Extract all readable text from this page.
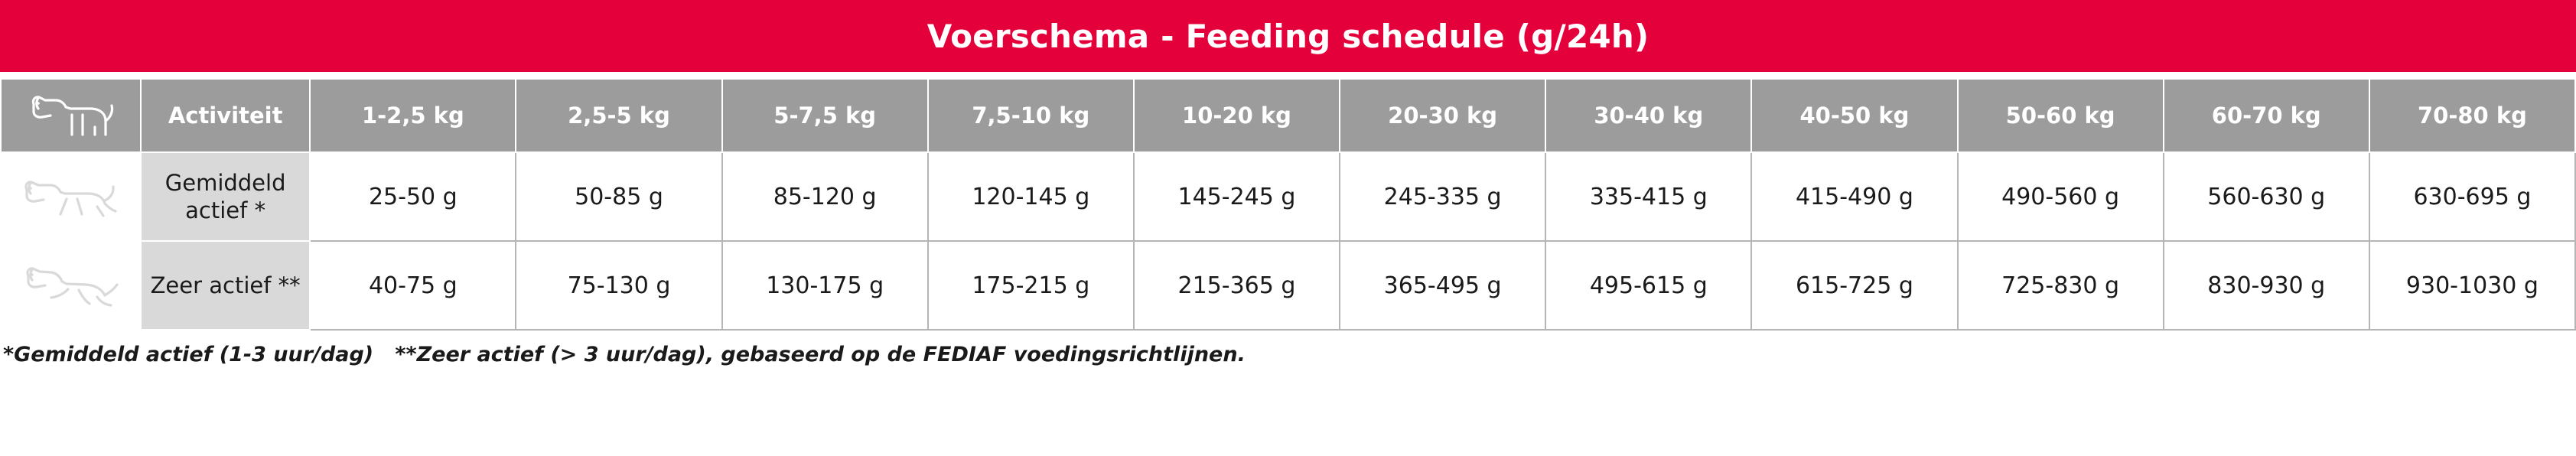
Voerschema - Feeding schedule (g/24h)
	Activiteit	1-2,5 kg	2,5-5 kg	5-7,5 kg	7,5-10 kg	10-20 kg	20-30 kg	30-40 kg	40-50 kg	50-60 kg	60-70 kg	70-80 kg

Gemiddeld
actief *	25-50 g	50-85 g	85-120 g	120-145 g	145-245 g	245-335 g	335-415 g	415-490 g	490-560 g	560-630 g	630-695 g

	Zeer actief **	40-75 g	75-130 g	130-175 g	175-215 g	215-365 g	365-495 g	495-615 g	615-725 g	725-830 g	830-930 g	930-1030 g
*Gemiddeld actief (1-3 uur/dag)   **Zeer actief (> 3 uur/dag), gebaseerd op de FEDIAF voedingsrichtlijnen.
